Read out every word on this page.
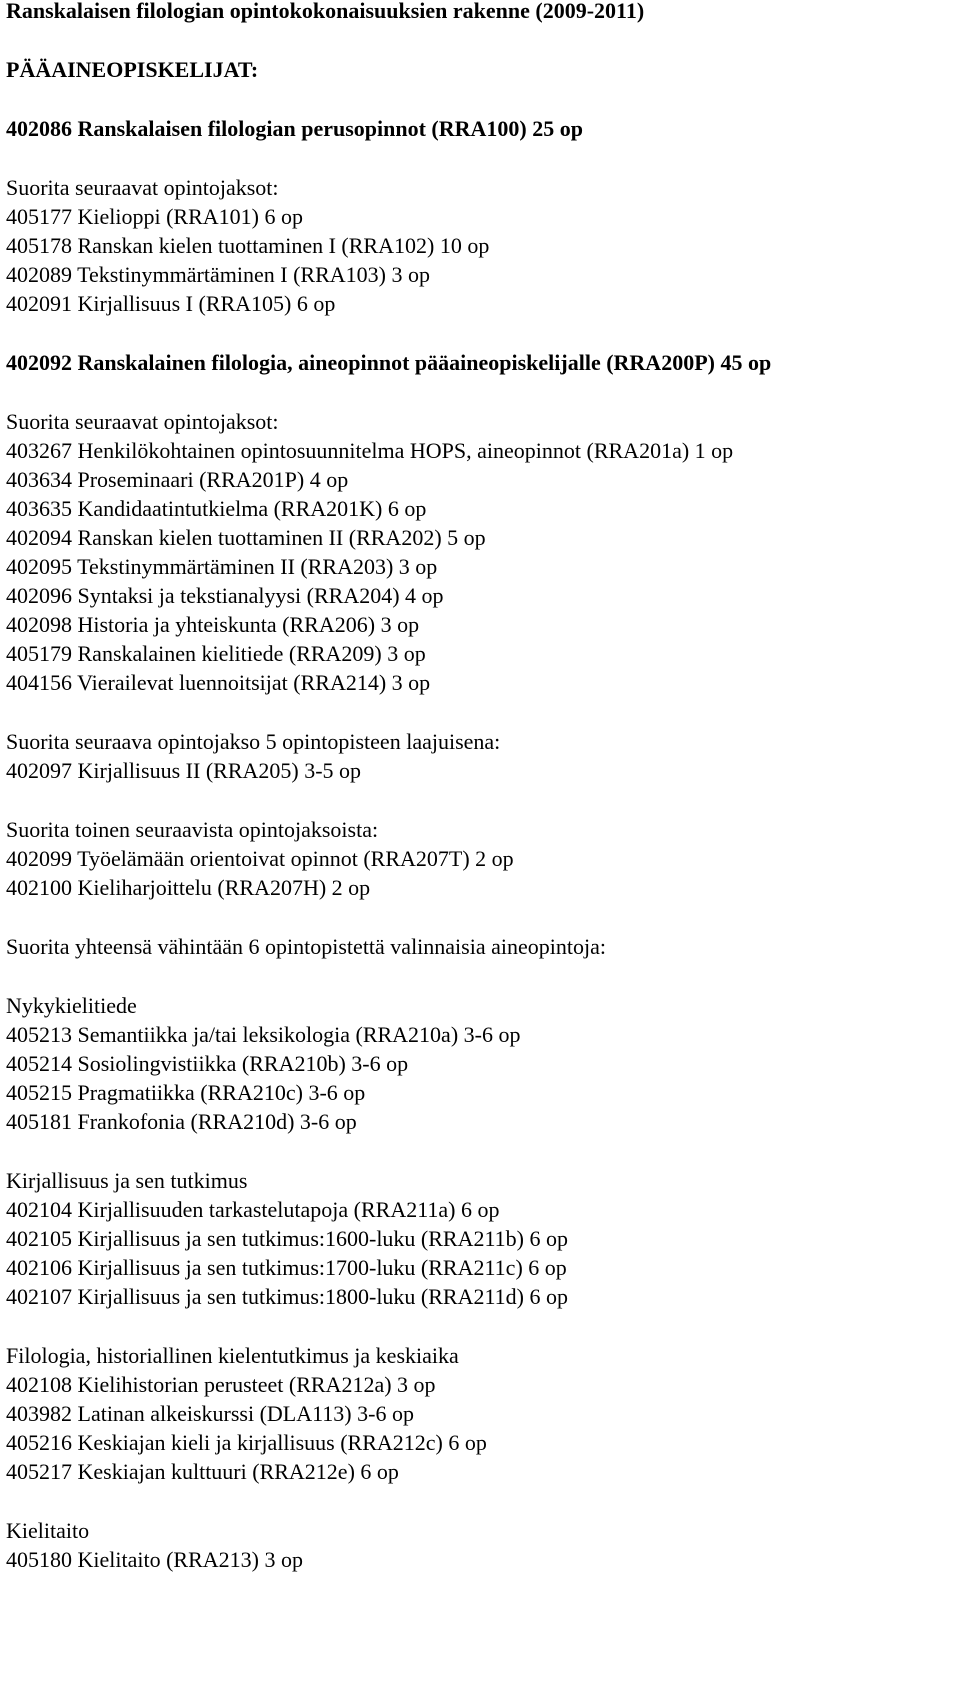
Ranskalaisen filologian opintokokonaisuuksien rakenne (2009-2011)
PÄÄAINEOPISKELIJAT:
402086 Ranskalaisen filologian perusopinnot (RRA100) 25 op
Suorita seuraavat opintojaksot:
405177 Kielioppi (RRA101) 6 op
405178 Ranskan kielen tuottaminen I (RRA102) 10 op
402089 Tekstinymmärtäminen I (RRA103) 3 op
402091 Kirjallisuus I (RRA105) 6 op
402092 Ranskalainen filologia, aineopinnot pääaineopiskelijalle (RRA200P) 45 op
Suorita seuraavat opintojaksot:
403267 Henkilökohtainen opintosuunnitelma HOPS, aineopinnot (RRA201a) 1 op
403634 Proseminaari (RRA201P) 4 op
403635 Kandidaatintutkielma (RRA201K) 6 op
402094 Ranskan kielen tuottaminen II (RRA202) 5 op
402095 Tekstinymmärtäminen II (RRA203) 3 op
402096 Syntaksi ja tekstianalyysi (RRA204) 4 op
402098 Historia ja yhteiskunta (RRA206) 3 op
405179 Ranskalainen kielitiede (RRA209) 3 op
404156 Vierailevat luennoitsijat (RRA214) 3 op
Suorita seuraava opintojakso 5 opintopisteen laajuisena:
402097 Kirjallisuus II (RRA205) 3-5 op
Suorita toinen seuraavista opintojaksoista:
402099 Työelämään orientoivat opinnot (RRA207T) 2 op
402100 Kieliharjoittelu (RRA207H) 2 op
Suorita yhteensä vähintään 6 opintopistettä valinnaisia aineopintoja:
Nykykielitiede
405213 Semantiikka ja/tai leksikologia (RRA210a) 3-6 op
405214 Sosiolingvistiikka (RRA210b) 3-6 op
405215 Pragmatiikka (RRA210c) 3-6 op
405181 Frankofonia (RRA210d) 3-6 op
Kirjallisuus ja sen tutkimus
402104 Kirjallisuuden tarkastelutapoja (RRA211a) 6 op
402105 Kirjallisuus ja sen tutkimus:1600-luku (RRA211b) 6 op
402106 Kirjallisuus ja sen tutkimus:1700-luku (RRA211c) 6 op
402107 Kirjallisuus ja sen tutkimus:1800-luku (RRA211d) 6 op
Filologia, historiallinen kielentutkimus ja keskiaika
402108 Kielihistorian perusteet (RRA212a) 3 op
403982 Latinan alkeiskurssi (DLA113) 3-6 op
405216 Keskiajan kieli ja kirjallisuus (RRA212c) 6 op
405217 Keskiajan kulttuuri (RRA212e) 6 op
Kielitaito
405180 Kielitaito (RRA213) 3 op
